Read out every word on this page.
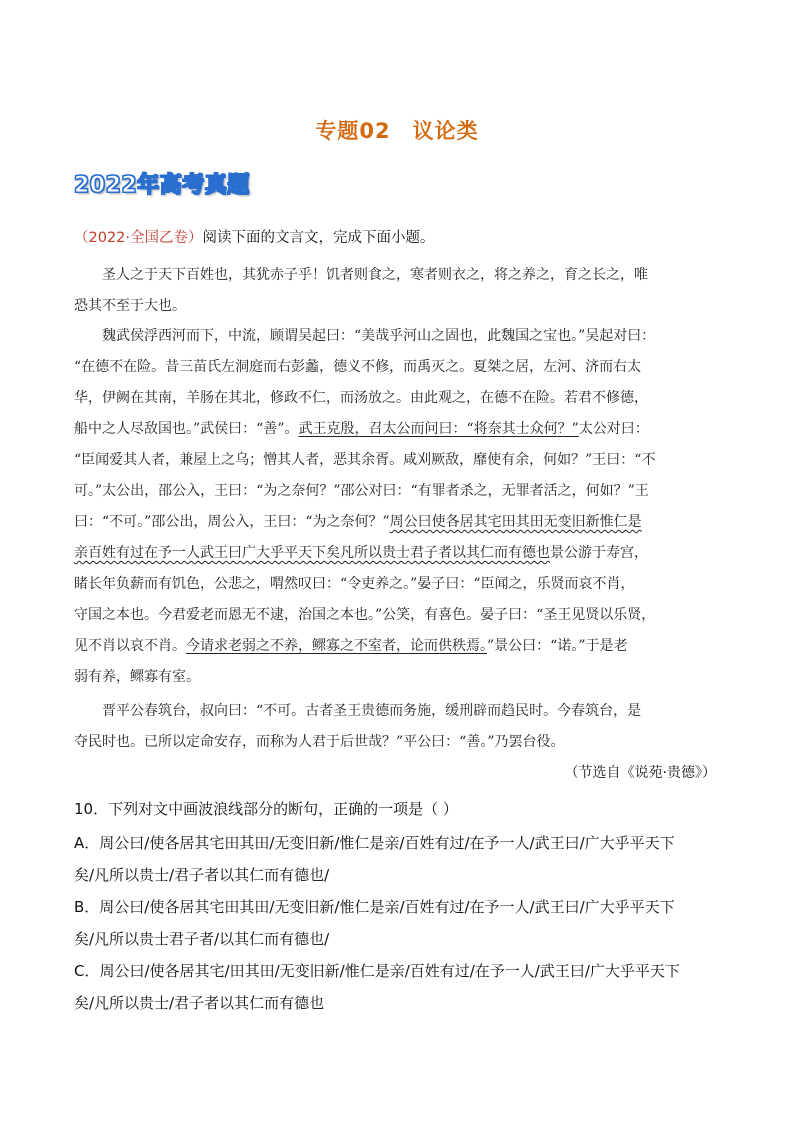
专题02 议论类
2022年高考真题
（2022·全国乙卷）阅读下面的文言文，完成下面小题。
圣人之于天下百姓也，其犹赤子乎！饥者则食之，寒者则衣之，将之养之，育之长之，唯
恐其不至于大也。
魏武侯浮西河而下，中流，顾谓吴起曰：“美哉乎河山之固也，此魏国之宝也。”吴起对曰：
“在德不在险。昔三苗氏左洞庭而右彭蠡，德义不修，而禹灭之。夏桀之居，左河、济而右太
华，伊阙在其南，羊肠在其北，修政不仁，而汤放之。由此观之，在德不在险。若君不修德，
船中之人尽敌国也。”武侯曰：“善”。武王克殷，召太公而问曰：“将奈其士众何？”太公对曰：
“臣闻爱其人者，兼屋上之乌；憎其人者，恶其余胥。咸刈厥敌，靡使有余，何如？”王曰：“不
可。”太公出，邵公入，王曰：“为之奈何？”邵公对曰：“有罪者杀之，无罪者活之，何如？”王
曰：“不可。”邵公出，周公入，王曰：“为之奈何？”周公曰使各居其宅田其田无变旧新惟仁是
亲百姓有过在予一人武王曰广大乎平天下矣凡所以贵士君子者以其仁而有德也景公游于寿宫，
睹长年负薪而有饥色，公悲之，喟然叹曰：“令吏养之。”晏子曰：“臣闻之，乐贤而哀不肖，
守国之本也。今君爱老而恩无不逮，治国之本也。”公笑，有喜色。晏子曰：“圣王见贤以乐贤，
见不肖以哀不肖。今请求老弱之不养，鳏寡之不室者，论而供秩焉。”景公曰：“诺。”于是老
弱有养，鳏寡有室。
晋平公春筑台，叔向曰：“不可。古者圣王贵德而务施，缓刑辟而趋民时。今春筑台，是
夺民时也。已所以定命安存，而称为人君于后世哉？”平公曰：“善。”乃罢台役。
（节选自《说苑·贵德》）
10．下列对文中画波浪线部分的断句，正确的一项是（ ）
A．周公曰/使各居其宅田其田/无变旧新/惟仁是亲/百姓有过/在予一人/武王曰/广大乎平天下
矣/凡所以贵士/君子者以其仁而有德也/
B．周公曰/使各居其宅田其田/无变旧新/惟仁是亲/百姓有过/在予一人/武王曰/广大乎平天下
矣/凡所以贵士君子者/以其仁而有德也/
C．周公曰/使各居其宅/田其田/无变旧新/惟仁是亲/百姓有过/在予一人/武王曰/广大乎平天下
矣/凡所以贵士/君子者以其仁而有德也
